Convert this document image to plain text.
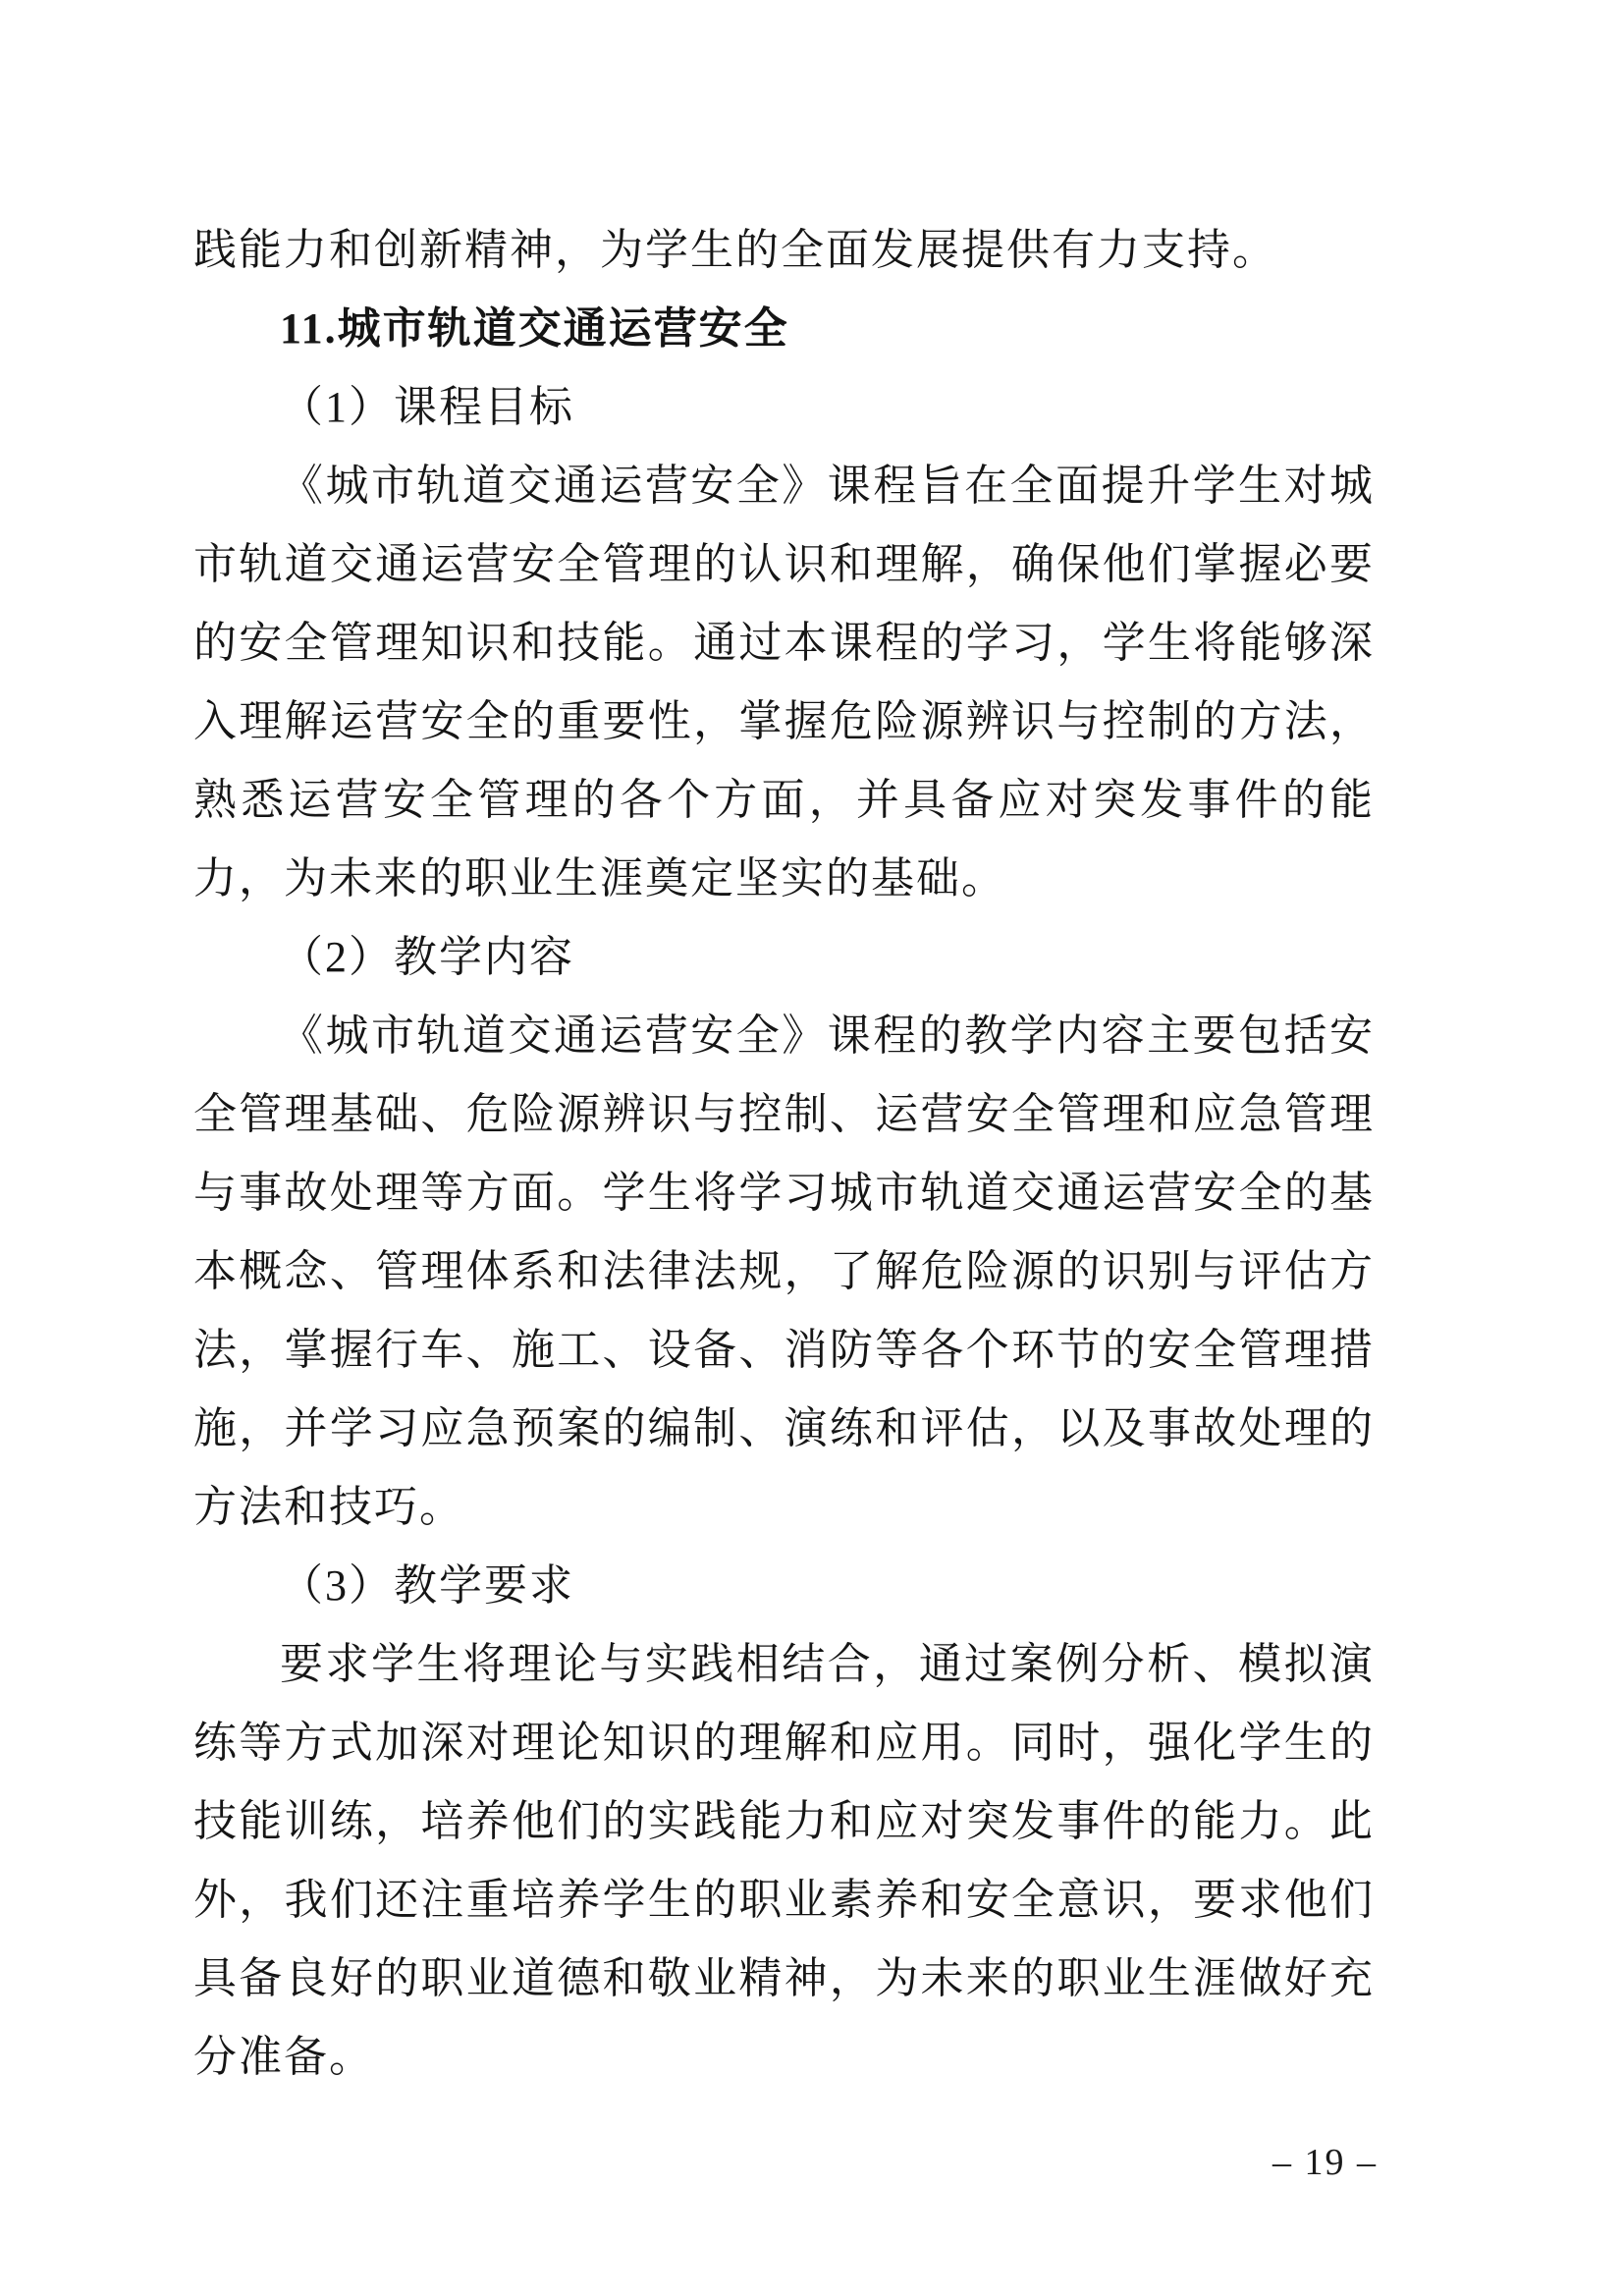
践能力和创新精神，为学生的全面发展提供有力支持。

11.城市轨道交通运营安全

（1）课程目标

《城市轨道交通运营安全》课程旨在全面提升学生对城市轨道交通运营安全管理的认识和理解，确保他们掌握必要的安全管理知识和技能。通过本课程的学习，学生将能够深入理解运营安全的重要性，掌握危险源辨识与控制的方法，熟悉运营安全管理的各个方面，并具备应对突发事件的能力，为未来的职业生涯奠定坚实的基础。

（2）教学内容

《城市轨道交通运营安全》课程的教学内容主要包括安全管理基础、危险源辨识与控制、运营安全管理和应急管理与事故处理等方面。学生将学习城市轨道交通运营安全的基本概念、管理体系和法律法规，了解危险源的识别与评估方法，掌握行车、施工、设备、消防等各个环节的安全管理措施，并学习应急预案的编制、演练和评估，以及事故处理的方法和技巧。

（3）教学要求

要求学生将理论与实践相结合，通过案例分析、模拟演练等方式加深对理论知识的理解和应用。同时，强化学生的技能训练，培养他们的实践能力和应对突发事件的能力。此外，我们还注重培养学生的职业素养和安全意识，要求他们具备良好的职业道德和敬业精神，为未来的职业生涯做好充分准备。

– 19 –
